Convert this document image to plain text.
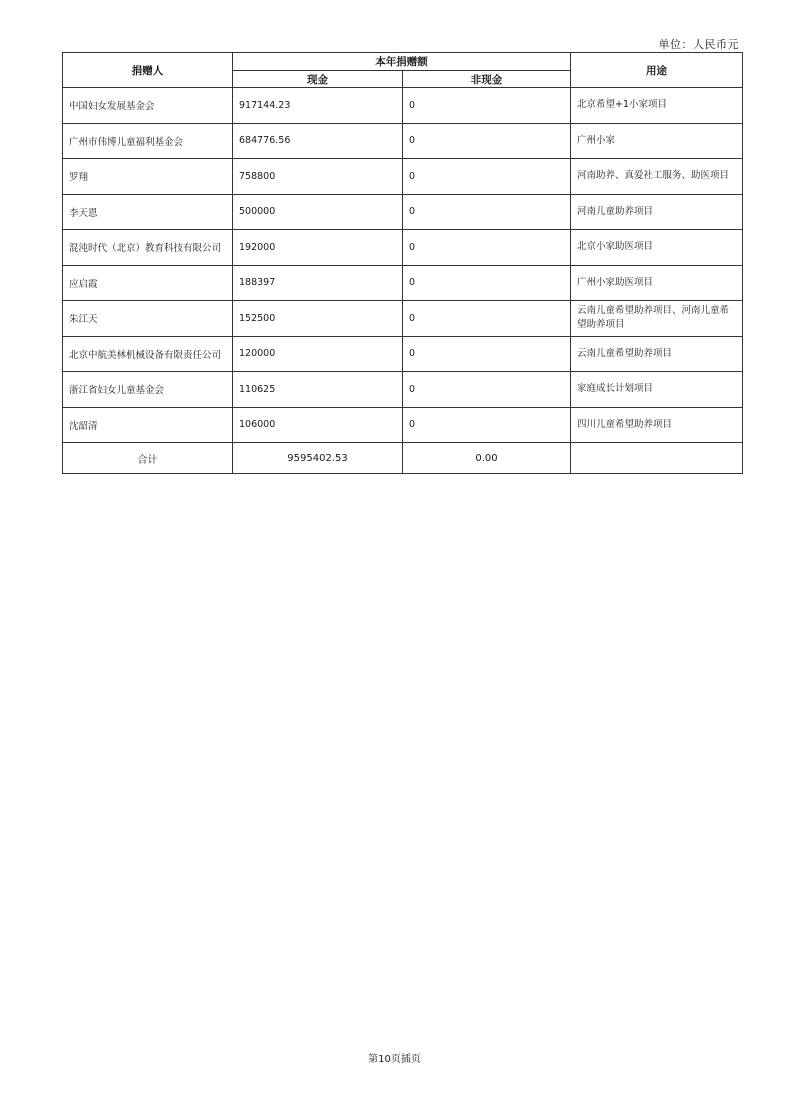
单位：人民币元
捐赠人	本年捐赠额		用途
	现金	非现金	
中国妇女发展基金会	917144.23	0	北京希望+1小家项目
广州市伟博儿童福利基金会	684776.56	0	广州小家
罗翔	758800	0	河南助养、真爱社工服务、助医项目
李天恩	500000	0	河南儿童助养项目
混沌时代（北京）教育科技有限公司	192000	0	北京小家助医项目
应启霞	188397	0	广州小家助医项目
朱江天	152500	0	云南儿童希望助养项目、河南儿童希望助养项目
北京中航美林机械设备有限责任公司	120000	0	云南儿童希望助养项目
浙江省妇女儿童基金会	110625	0	家庭成长计划项目
沈韶清	106000	0	四川儿童希望助养项目
合计	9595402.53	0.00	
第10页插页
